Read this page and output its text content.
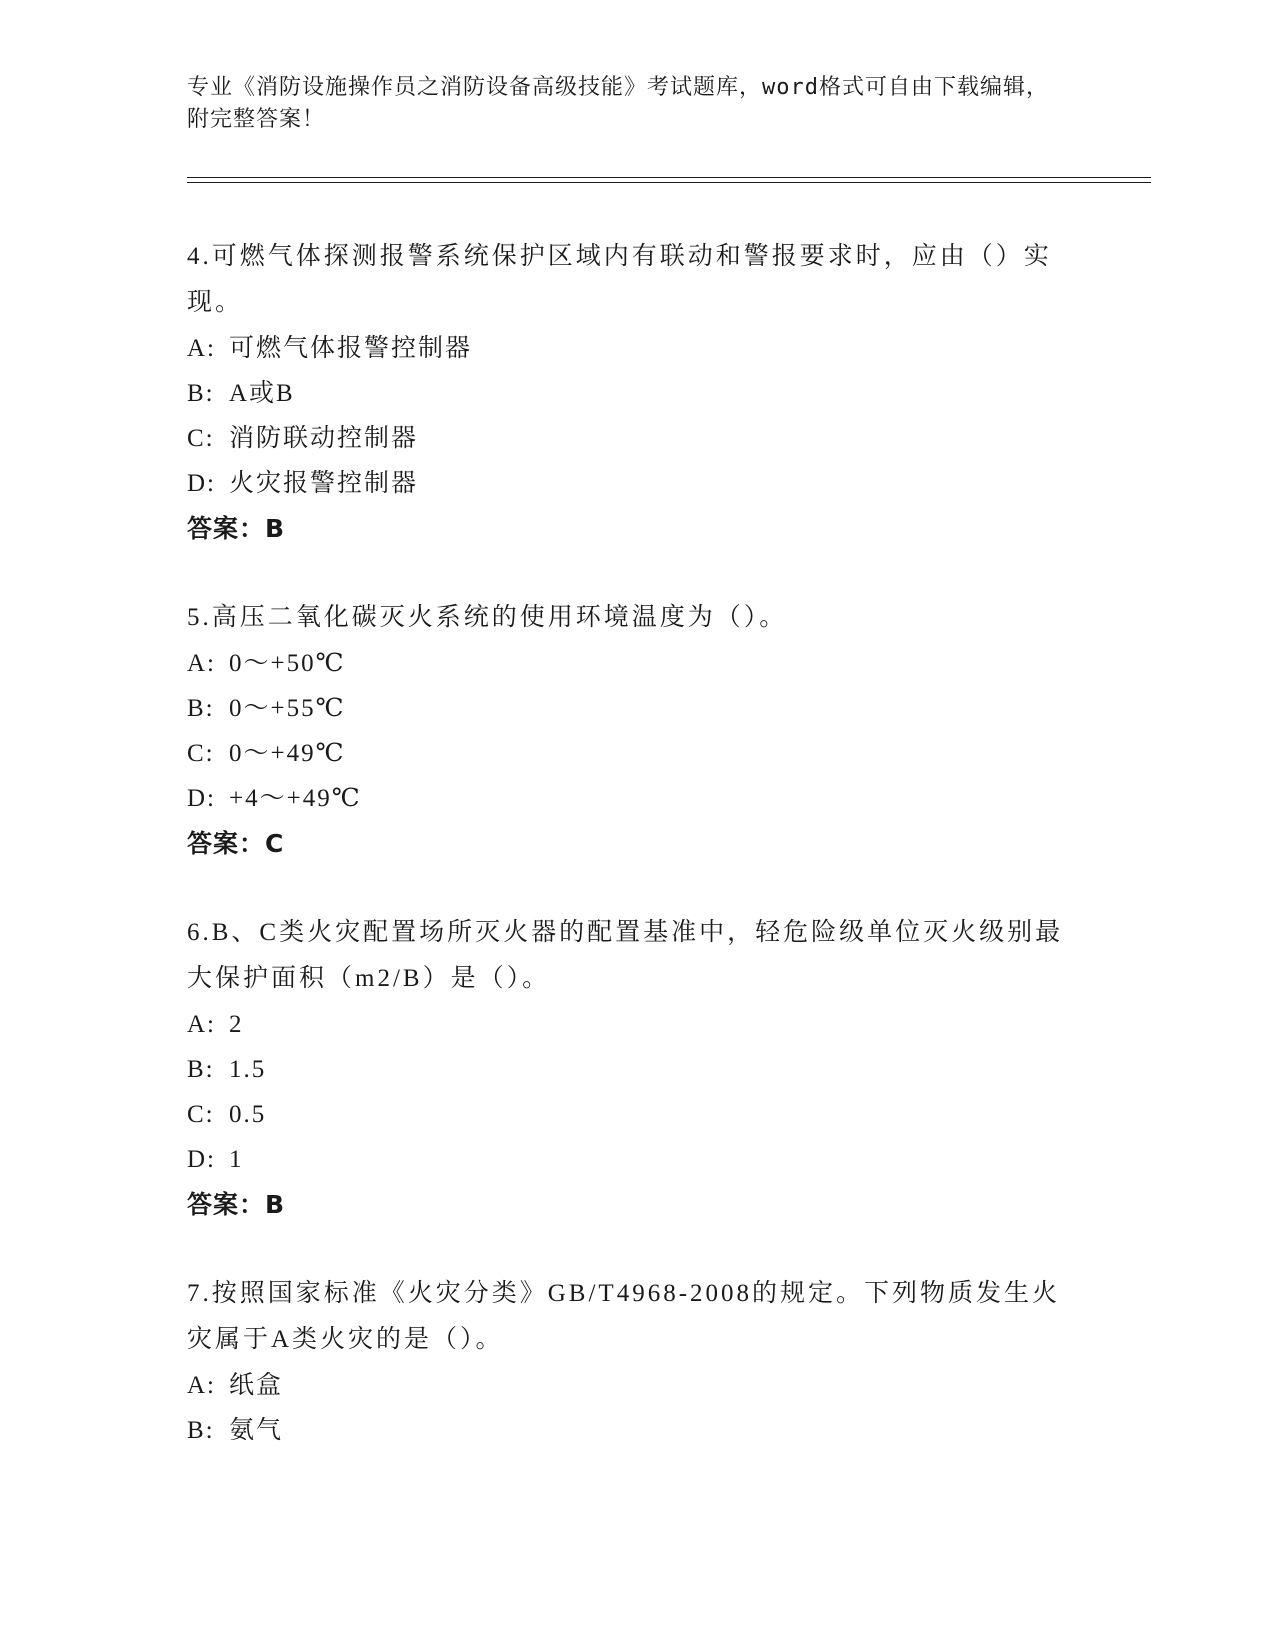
专业《消防设施操作员之消防设备高级技能》考试题库，word格式可自由下载编辑，附完整答案！

4.可燃气体探测报警系统保护区域内有联动和警报要求时，应由（）实现。

A: 可燃气体报警控制器

B: A或B

C: 消防联动控制器

D: 火灾报警控制器

答案：B

5.高压二氧化碳灭火系统的使用环境温度为（）。

A: 0～+50℃

B: 0～+55℃

C: 0～+49℃

D: +4～+49℃

答案：C

6.B、C类火灾配置场所灭火器的配置基准中，轻危险级单位灭火级别最大保护面积（m2/B）是（）。

A: 2

B: 1.5

C: 0.5

D: 1

答案：B

7.按照国家标准《火灾分类》GB/T4968-2008的规定。下列物质发生火灾属于A类火灾的是（）。

A: 纸盒

B: 氨气
